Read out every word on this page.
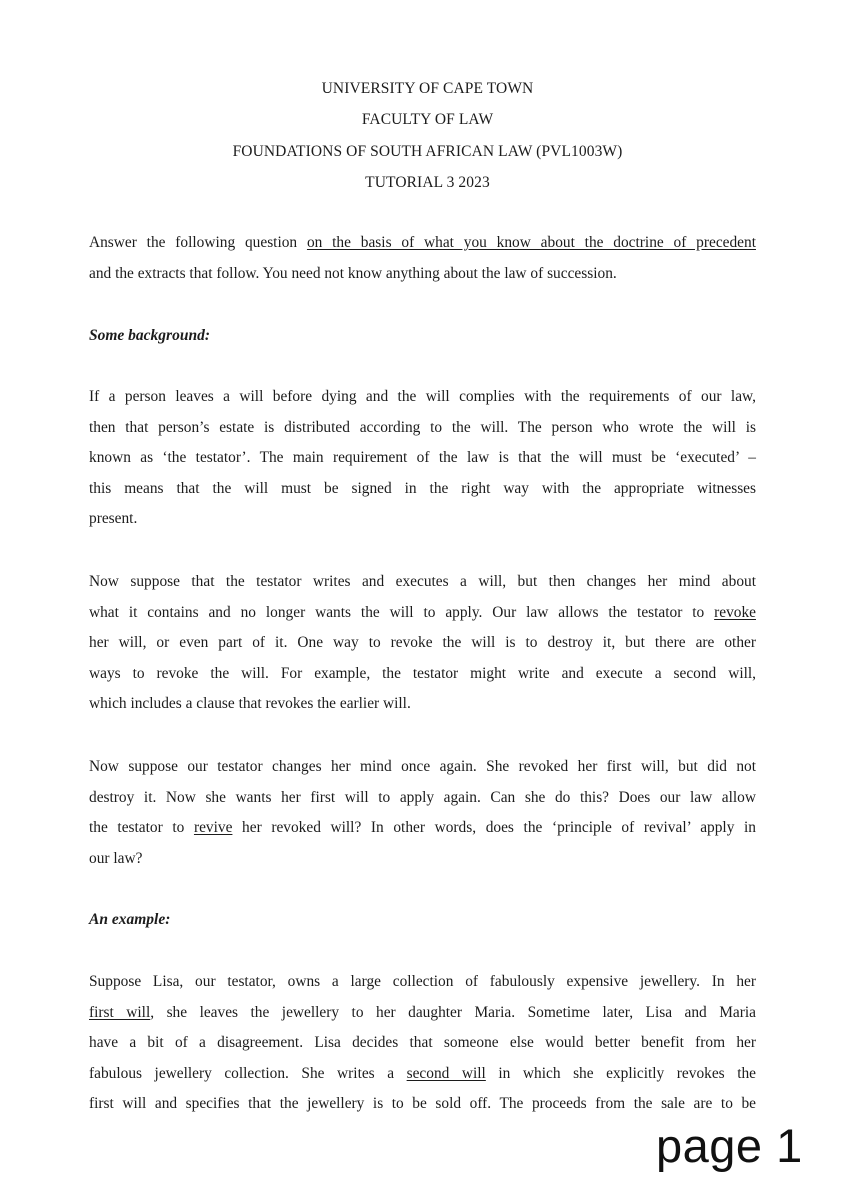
UNIVERSITY OF CAPE TOWN
FACULTY OF LAW
FOUNDATIONS OF SOUTH AFRICAN LAW (PVL1003W)
TUTORIAL 3 2023
Answer the following question on the basis of what you know about the doctrine of precedent
and the extracts that follow. You need not know anything about the law of succession.
Some background:
If a person leaves a will before dying and the will complies with the requirements of our law,
then that person’s estate is distributed according to the will. The person who wrote the will is
known as ‘the testator’. The main requirement of the law is that the will must be ‘executed’ –
this means that the will must be signed in the right way with the appropriate witnesses
present.
Now suppose that the testator writes and executes a will, but then changes her mind about
what it contains and no longer wants the will to apply. Our law allows the testator to revoke
her will, or even part of it. One way to revoke the will is to destroy it, but there are other
ways to revoke the will. For example, the testator might write and execute a second will,
which includes a clause that revokes the earlier will.
Now suppose our testator changes her mind once again. She revoked her first will, but did not
destroy it. Now she wants her first will to apply again. Can she do this? Does our law allow
the testator to revive her revoked will? In other words, does the ‘principle of revival’ apply in
our law?
An example:
Suppose Lisa, our testator, owns a large collection of fabulously expensive jewellery. In her
first will, she leaves the jewellery to her daughter Maria. Sometime later, Lisa and Maria
have a bit of a disagreement. Lisa decides that someone else would better benefit from her
fabulous jewellery collection. She writes a second will in which she explicitly revokes the
first will and specifies that the jewellery is to be sold off. The proceeds from the sale are to be
page 1
